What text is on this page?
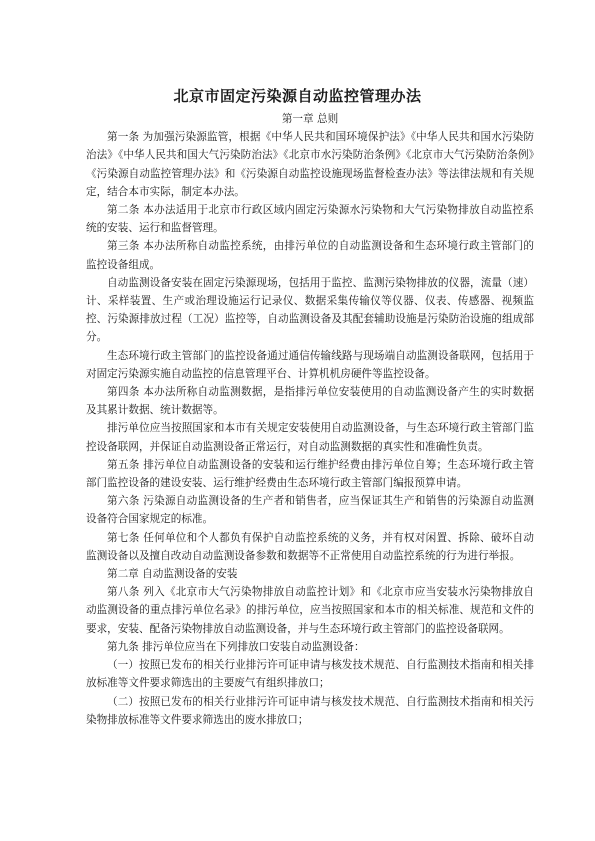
北京市固定污染源自动监控管理办法

第一章 总则

第一条 为加强污染源监管，根据《中华人民共和国环境保护法》《中华人民共和国水污染防治法》《中华人民共和国大气污染防治法》《北京市水污染防治条例》《北京市大气污染防治条例》《污染源自动监控管理办法》和《污染源自动监控设施现场监督检查办法》等法律法规和有关规定，结合本市实际，制定本办法。

第二条 本办法适用于北京市行政区域内固定污染源水污染物和大气污染物排放自动监控系统的安装、运行和监督管理。

第三条 本办法所称自动监控系统，由排污单位的自动监测设备和生态环境行政主管部门的监控设备组成。

自动监测设备安装在固定污染源现场，包括用于监控、监测污染物排放的仪器，流量（速）计、采样装置、生产或治理设施运行记录仪、数据采集传输仪等仪器、仪表、传感器、视频监控、污染源排放过程（工况）监控等，自动监测设备及其配套辅助设施是污染防治设施的组成部分。

生态环境行政主管部门的监控设备通过通信传输线路与现场端自动监测设备联网，包括用于对固定污染源实施自动监控的信息管理平台、计算机机房硬件等监控设备。

第四条 本办法所称自动监测数据，是指排污单位安装使用的自动监测设备产生的实时数据及其累计数据、统计数据等。

排污单位应当按照国家和本市有关规定安装使用自动监测设备，与生态环境行政主管部门监控设备联网，并保证自动监测设备正常运行，对自动监测数据的真实性和准确性负责。

第五条 排污单位自动监测设备的安装和运行维护经费由排污单位自筹；生态环境行政主管部门监控设备的建设安装、运行维护经费由生态环境行政主管部门编报预算申请。

第六条 污染源自动监测设备的生产者和销售者，应当保证其生产和销售的污染源自动监测设备符合国家规定的标准。

第七条 任何单位和个人都负有保护自动监控系统的义务，并有权对闲置、拆除、破坏自动监测设备以及擅自改动自动监测设备参数和数据等不正常使用自动监控系统的行为进行举报。

第二章 自动监测设备的安装

第八条 列入《北京市大气污染物排放自动监控计划》和《北京市应当安装水污染物排放自动监测设备的重点排污单位名录》的排污单位，应当按照国家和本市的相关标准、规范和文件的要求，安装、配备污染物排放自动监测设备，并与生态环境行政主管部门的监控设备联网。

第九条 排污单位应当在下列排放口安装自动监测设备：

（一）按照已发布的相关行业排污许可证申请与核发技术规范、自行监测技术指南和相关排放标准等文件要求筛选出的主要废气有组织排放口；

（二）按照已发布的相关行业排污许可证申请与核发技术规范、自行监测技术指南和相关污染物排放标准等文件要求筛选出的废水排放口；
